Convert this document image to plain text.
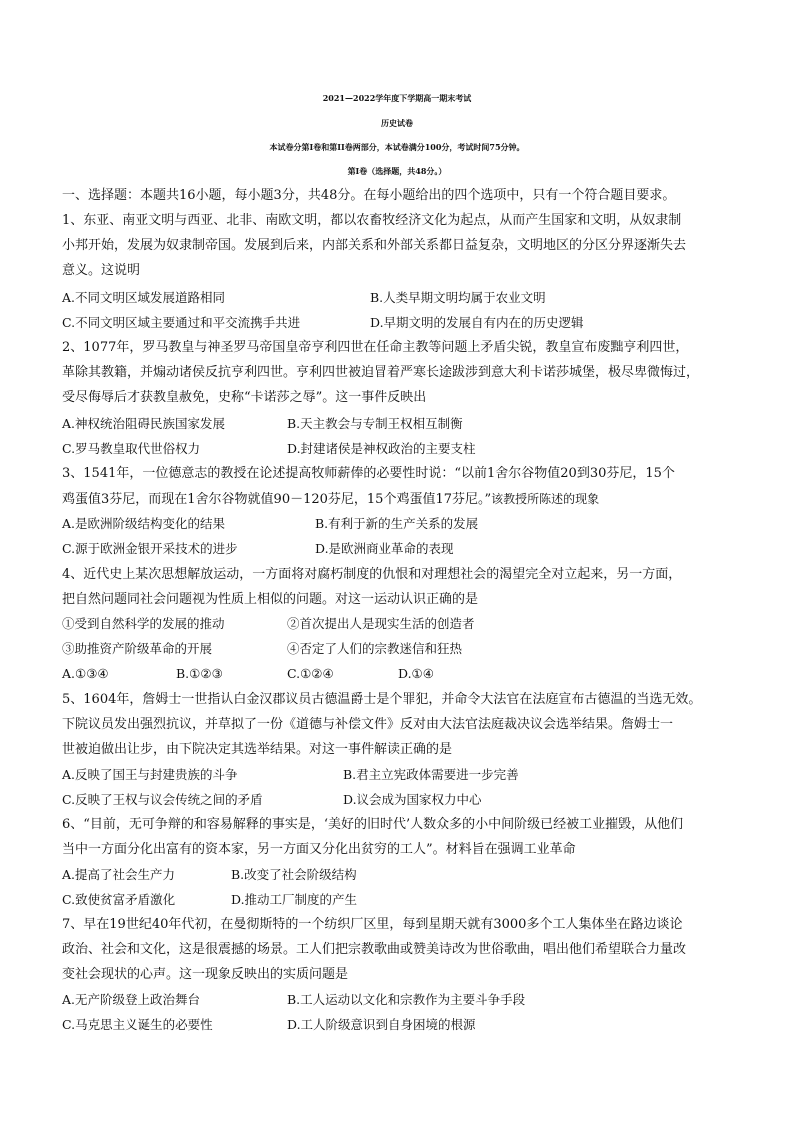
2021—2022学年度下学期高一期末考试
历史试卷
本试卷分第I卷和第II卷两部分，本试卷满分100分，考试时间75分钟。
第I卷（选择题，共48分。）
一、选择题：本题共16小题，每小题3分，共48分。在每小题给出的四个选项中，只有一个符合题目要求。
1、东亚、南亚文明与西亚、北非、南欧文明，都以农畜牧经济文化为起点，从而产生国家和文明，从奴隶制
小邦开始，发展为奴隶制帝国。发展到后来，内部关系和外部关系都日益复杂，文明地区的分区分界逐渐失去
意义。这说明
A.不同文明区域发展道路相同	B.人类早期文明均属于农业文明
C.不同文明区域主要通过和平交流携手共进	D.早期文明的发展自有内在的历史逻辑
2、1077年，罗马教皇与神圣罗马帝国皇帝亨利四世在任命主教等问题上矛盾尖锐，教皇宣布废黜亨利四世，
革除其教籍，并煽动诸侯反抗亨利四世。亨利四世被迫冒着严寒长途跋涉到意大利卡诺莎城堡，极尽卑微悔过，
受尽侮辱后才获教皇赦免，史称“卡诺莎之辱”。这一事件反映出
A.神权统治阻碍民族国家发展	B.天主教会与专制王权相互制衡
C.罗马教皇取代世俗权力	D.封建诸侯是神权政治的主要支柱
3、1541年，一位德意志的教授在论述提高牧师薪俸的必要性时说：“以前1舍尔谷物值20到30芬尼，15个
鸡蛋值3芬尼，而现在1舍尔谷物就值90－120芬尼，15个鸡蛋值17芬尼。”该教授所陈述的现象
A.是欧洲阶级结构变化的结果	B.有利于新的生产关系的发展
C.源于欧洲金银开采技术的进步	D.是欧洲商业革命的表现
4、近代史上某次思想解放运动，一方面将对腐朽制度的仇恨和对理想社会的渴望完全对立起来，另一方面，
把自然问题同社会问题视为性质上相似的问题。对这一运动认识正确的是
①受到自然科学的发展的推动	②首次提出人是现实生活的创造者
③助推资产阶级革命的开展	④否定了人们的宗教迷信和狂热
A.①③④	B.①②③	C.①②④	D.①④
5、1604年，詹姆士一世指认白金汉郡议员古德温爵士是个罪犯，并命令大法官在法庭宣布古德温的当选无效。
下院议员发出强烈抗议，并草拟了一份《道德与补偿文件》反对由大法官法庭裁决议会选举结果。詹姆士一
世被迫做出让步，由下院决定其选举结果。对这一事件解读正确的是
A.反映了国王与封建贵族的斗争	B.君主立宪政体需要进一步完善
C.反映了王权与议会传统之间的矛盾	D.议会成为国家权力中心
6、“目前，无可争辩的和容易解释的事实是，‘美好的旧时代’人数众多的小中间阶级已经被工业摧毁，从他们
当中一方面分化出富有的资本家，另一方面又分化出贫穷的工人”。材料旨在强调工业革命
A.提高了社会生产力	B.改变了社会阶级结构
C.致使贫富矛盾激化	D.推动工厂制度的产生
7、早在19世纪40年代初，在曼彻斯特的一个纺织厂区里，每到星期天就有3000多个工人集体坐在路边谈论
政治、社会和文化，这是很震撼的场景。工人们把宗教歌曲或赞美诗改为世俗歌曲，唱出他们希望联合力量改
变社会现状的心声。这一现象反映出的实质问题是
A.无产阶级登上政治舞台	B.工人运动以文化和宗教作为主要斗争手段
C.马克思主义诞生的必要性	D.工人阶级意识到自身困境的根源
